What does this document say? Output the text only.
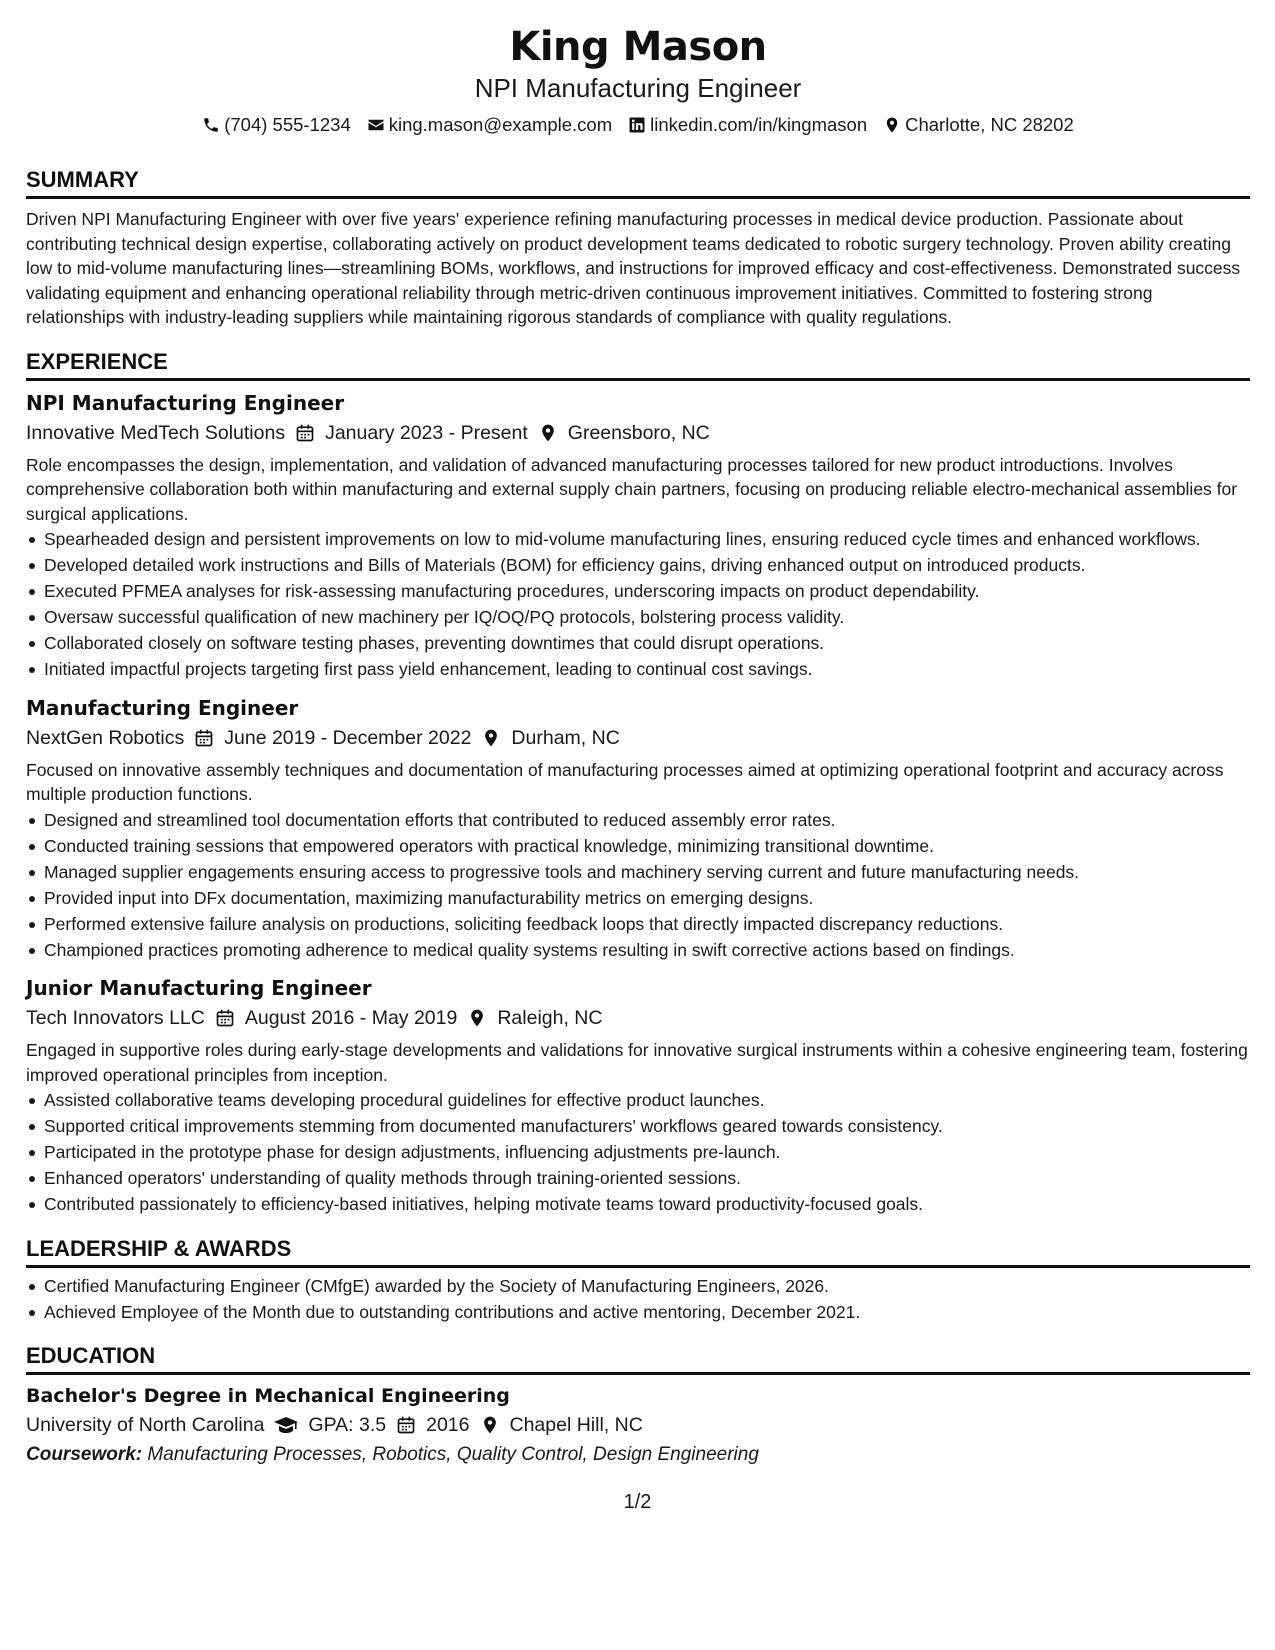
King Mason
NPI Manufacturing Engineer
(704) 555-1234 king.mason@example.com linkedin.com/in/kingmason Charlotte, NC 28202
SUMMARY
Driven NPI Manufacturing Engineer with over five years' experience refining manufacturing processes in medical device production. Passionate about contributing technical design expertise, collaborating actively on product development teams dedicated to robotic surgery technology. Proven ability creating low to mid-volume manufacturing lines—streamlining BOMs, workflows, and instructions for improved efficacy and cost-effectiveness. Demonstrated success validating equipment and enhancing operational reliability through metric-driven continuous improvement initiatives. Committed to fostering strong relationships with industry-leading suppliers while maintaining rigorous standards of compliance with quality regulations.
EXPERIENCE
NPI Manufacturing Engineer
Innovative MedTech Solutions January 2023 - Present Greensboro, NC
Role encompasses the design, implementation, and validation of advanced manufacturing processes tailored for new product introductions. Involves comprehensive collaboration both within manufacturing and external supply chain partners, focusing on producing reliable electro-mechanical assemblies for surgical applications.
Spearheaded design and persistent improvements on low to mid-volume manufacturing lines, ensuring reduced cycle times and enhanced workflows.
Developed detailed work instructions and Bills of Materials (BOM) for efficiency gains, driving enhanced output on introduced products.
Executed PFMEA analyses for risk-assessing manufacturing procedures, underscoring impacts on product dependability.
Oversaw successful qualification of new machinery per IQ/OQ/PQ protocols, bolstering process validity.
Collaborated closely on software testing phases, preventing downtimes that could disrupt operations.
Initiated impactful projects targeting first pass yield enhancement, leading to continual cost savings.
Manufacturing Engineer
NextGen Robotics June 2019 - December 2022 Durham, NC
Focused on innovative assembly techniques and documentation of manufacturing processes aimed at optimizing operational footprint and accuracy across multiple production functions.
Designed and streamlined tool documentation efforts that contributed to reduced assembly error rates.
Conducted training sessions that empowered operators with practical knowledge, minimizing transitional downtime.
Managed supplier engagements ensuring access to progressive tools and machinery serving current and future manufacturing needs.
Provided input into DFx documentation, maximizing manufacturability metrics on emerging designs.
Performed extensive failure analysis on productions, soliciting feedback loops that directly impacted discrepancy reductions.
Championed practices promoting adherence to medical quality systems resulting in swift corrective actions based on findings.
Junior Manufacturing Engineer
Tech Innovators LLC August 2016 - May 2019 Raleigh, NC
Engaged in supportive roles during early-stage developments and validations for innovative surgical instruments within a cohesive engineering team, fostering improved operational principles from inception.
Assisted collaborative teams developing procedural guidelines for effective product launches.
Supported critical improvements stemming from documented manufacturers' workflows geared towards consistency.
Participated in the prototype phase for design adjustments, influencing adjustments pre-launch.
Enhanced operators' understanding of quality methods through training-oriented sessions.
Contributed passionately to efficiency-based initiatives, helping motivate teams toward productivity-focused goals.
LEADERSHIP & AWARDS
Certified Manufacturing Engineer (CMfgE) awarded by the Society of Manufacturing Engineers, 2026.
Achieved Employee of the Month due to outstanding contributions and active mentoring, December 2021.
EDUCATION
Bachelor's Degree in Mechanical Engineering
University of North Carolina GPA: 3.5 2016 Chapel Hill, NC
Coursework: Manufacturing Processes, Robotics, Quality Control, Design Engineering
1/2
